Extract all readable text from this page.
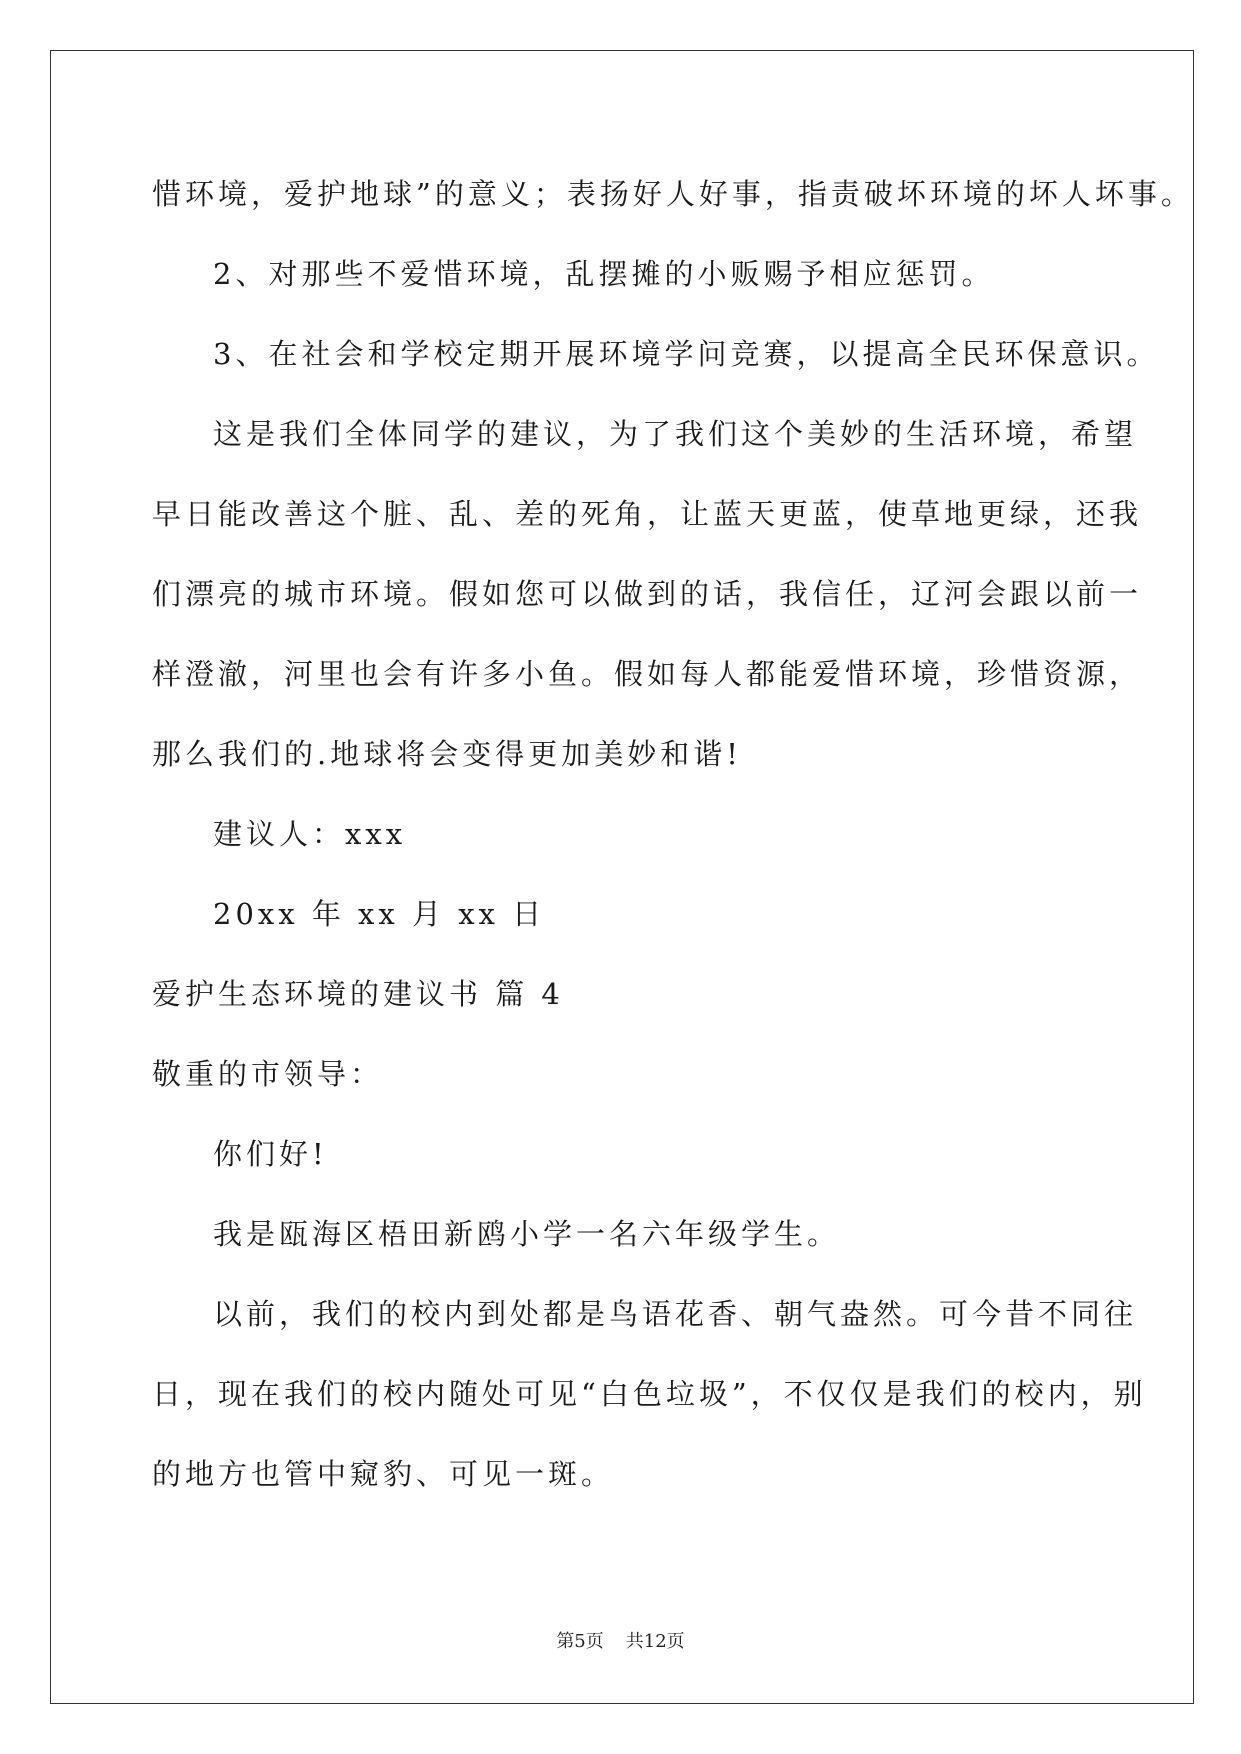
惜环境，爱护地球”的意义；表扬好人好事，指责破坏环境的坏人坏事。
2、对那些不爱惜环境，乱摆摊的小贩赐予相应惩罚。
3、在社会和学校定期开展环境学问竞赛，以提高全民环保意识。
这是我们全体同学的建议，为了我们这个美妙的生活环境，希望
早日能改善这个脏、乱、差的死角，让蓝天更蓝，使草地更绿，还我
们漂亮的城市环境。假如您可以做到的话，我信任，辽河会跟以前一
样澄澈，河里也会有许多小鱼。假如每人都能爱惜环境，珍惜资源，
那么我们的.地球将会变得更加美妙和谐!
建议人：xxx
20xx 年 xx 月 xx 日
爱护生态环境的建议书 篇 4
敬重的市领导：
你们好!
我是瓯海区梧田新鸥小学一名六年级学生。
以前，我们的校内到处都是鸟语花香、朝气盎然。可今昔不同往
日，现在我们的校内随处可见“白色垃圾”，不仅仅是我们的校内，别
的地方也管中窥豹、可见一斑。
第5页 共12页
